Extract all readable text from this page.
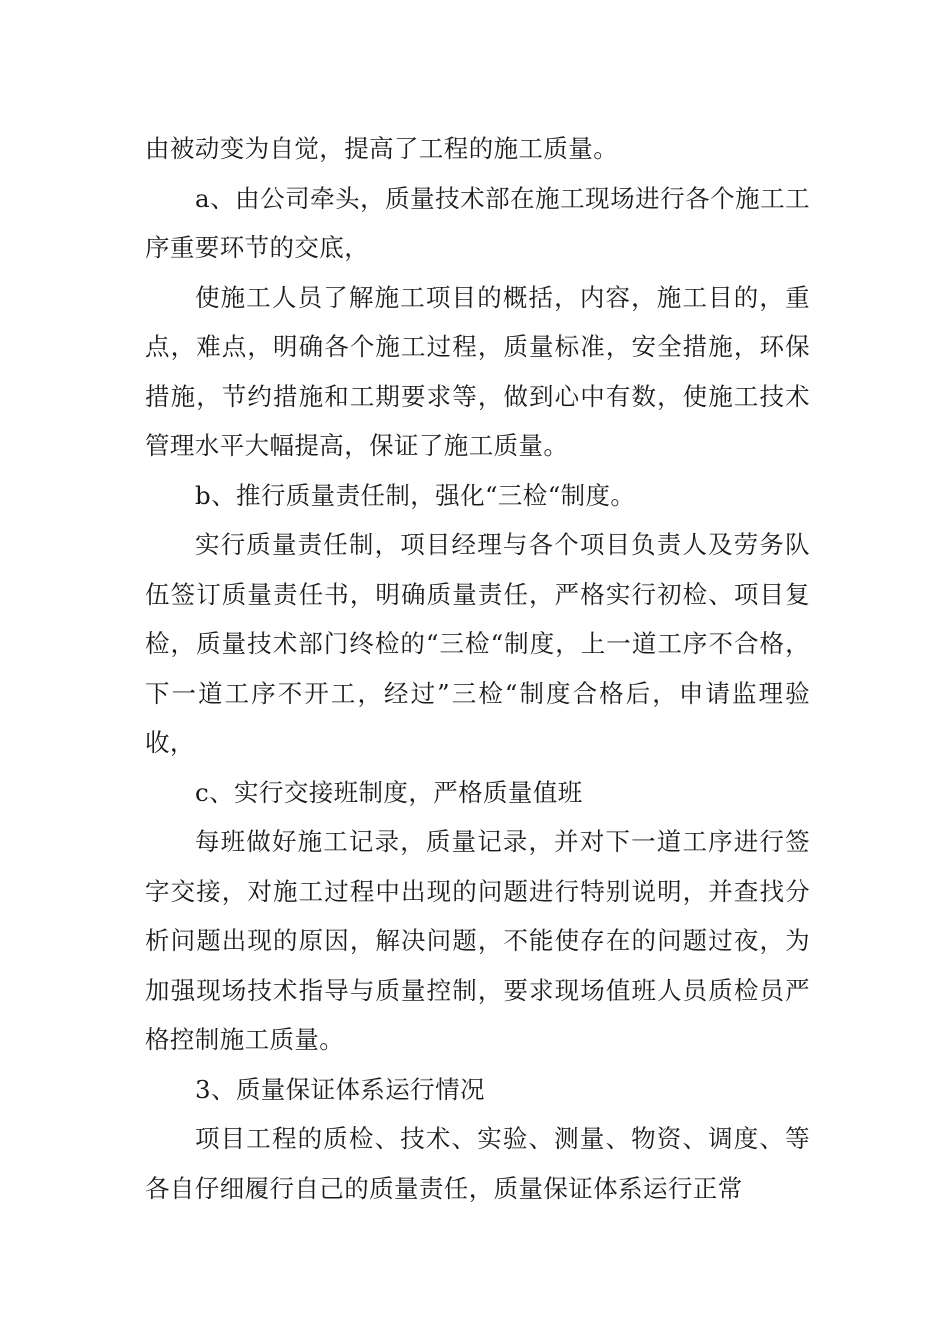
由被动变为自觉，提高了工程的施工质量。

a、由公司牵头，质量技术部在施工现场进行各个施工工序重要环节的交底，

使施工人员了解施工项目的概括，内容，施工目的，重点，难点，明确各个施工过程，质量标准，安全措施，环保措施，节约措施和工期要求等，做到心中有数，使施工技术管理水平大幅提高，保证了施工质量。

b、推行质量责任制，强化“三检“制度。

实行质量责任制，项目经理与各个项目负责人及劳务队伍签订质量责任书，明确质量责任，严格实行初检、项目复检，质量技术部门终检的“三检“制度，上一道工序不合格，下一道工序不开工，经过”三检“制度合格后，申请监理验收，

c、实行交接班制度，严格质量值班

每班做好施工记录，质量记录，并对下一道工序进行签字交接，对施工过程中出现的问题进行特别说明，并查找分析问题出现的原因，解决问题，不能使存在的问题过夜，为加强现场技术指导与质量控制，要求现场值班人员质检员严格控制施工质量。

3、质量保证体系运行情况

项目工程的质检、技术、实验、测量、物资、调度、等各自仔细履行自己的质量责任，质量保证体系运行正常
